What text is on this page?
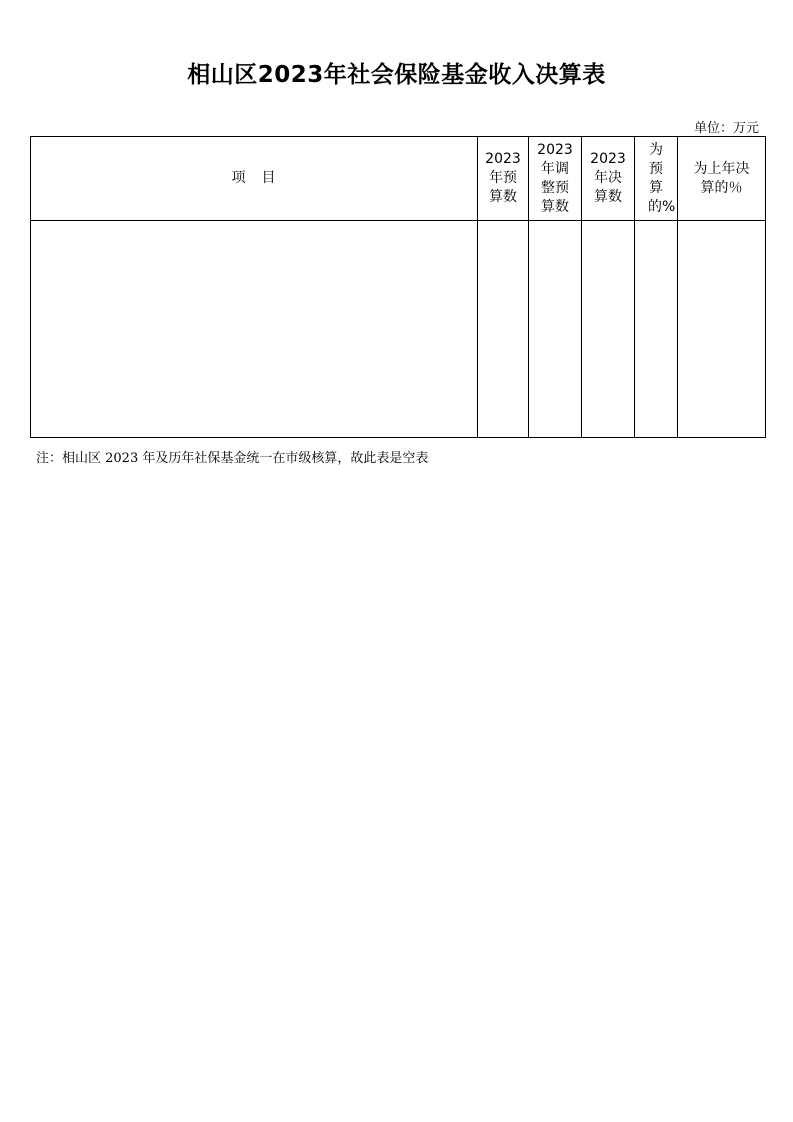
相山区2023年社会保险基金收入决算表
单位：万元
项　目	2023年预算数	2023年调整预算数	2023年决算数	为预算的%	为上年决算的％

注：相山区 2023 年及历年社保基金统一在市级核算，故此表是空表
